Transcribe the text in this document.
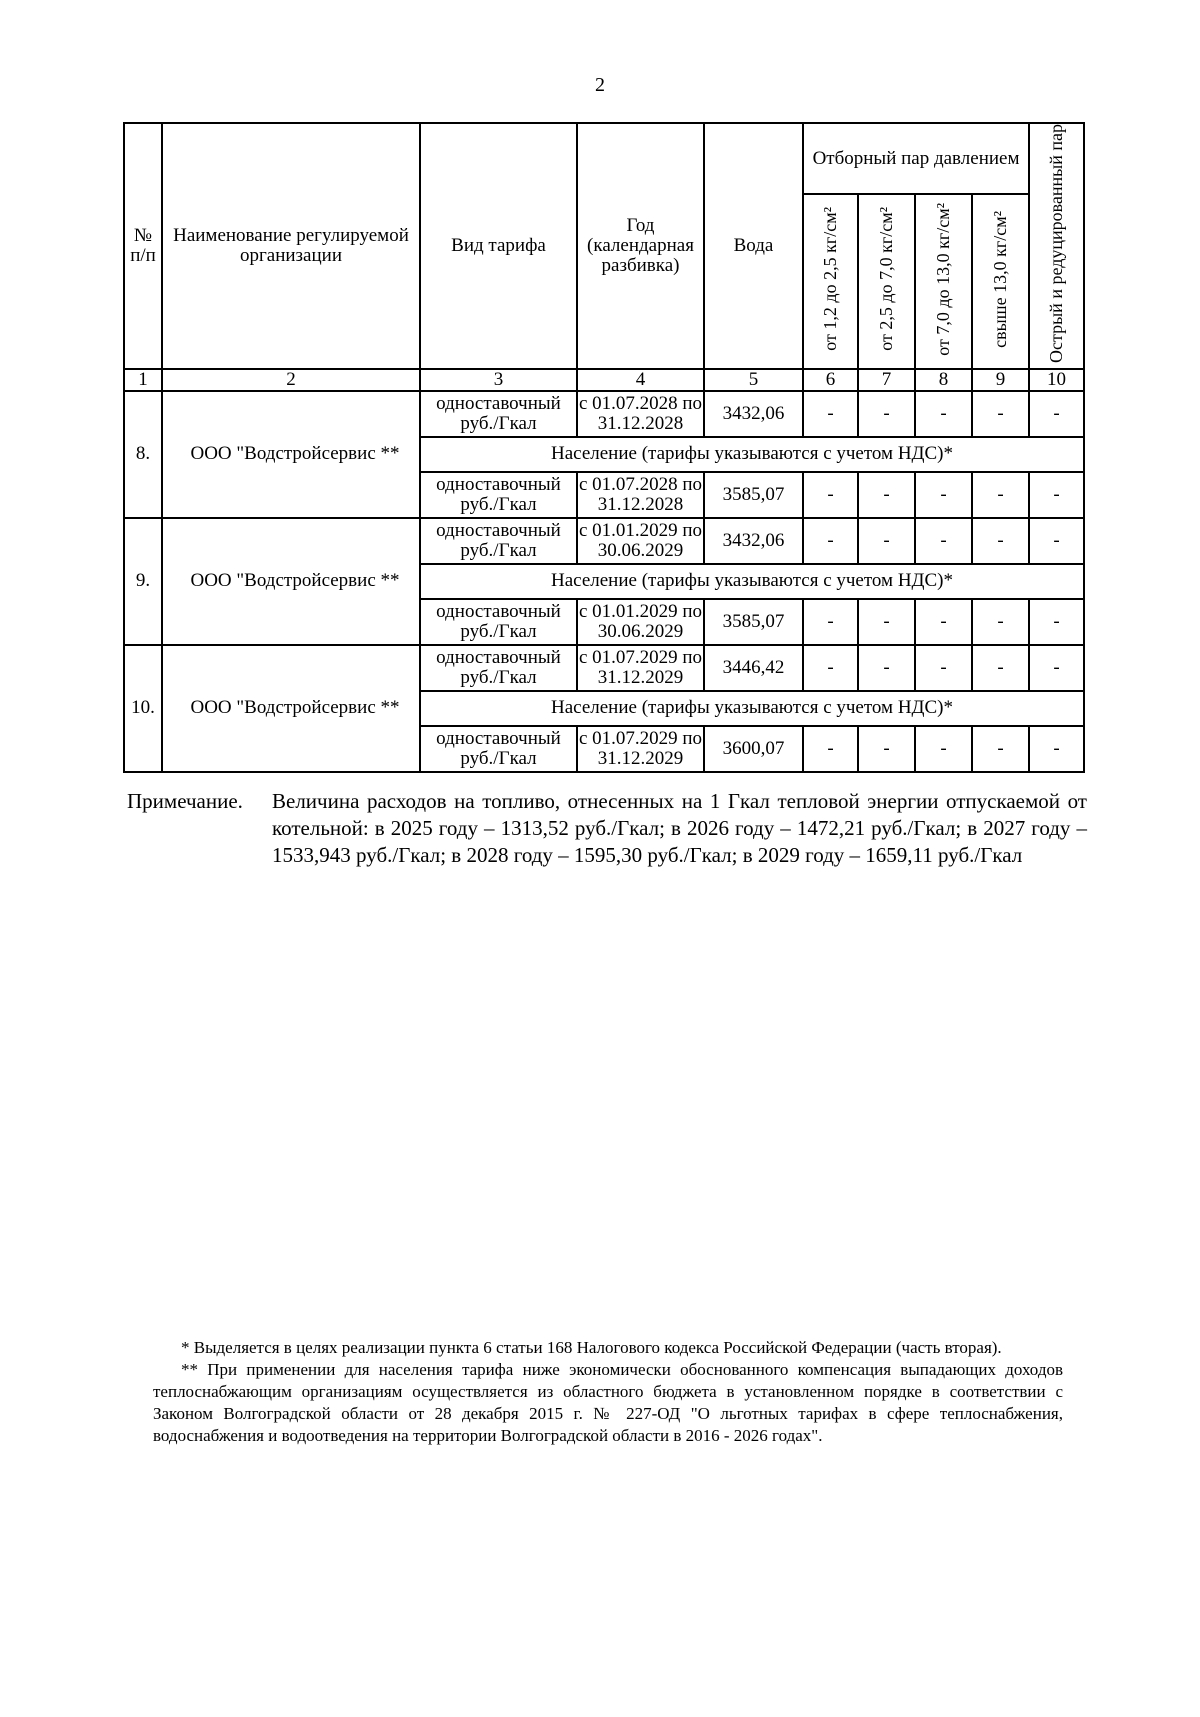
2
№ п/п	Наименование регулируемой организации	Вид тарифа	Год (календарная разбивка)	Вода	Отборный пар давлением				Острый и редуцированный пар
					от 1,2 до 2,5 кг/см²	от 2,5 до 7,0 кг/см²	от 7,0 до 13,0 кг/см²	свыше 13,0 кг/см²	
1	2	3	4	5	6	7	8	9	10
8.	ООО "Водстройсервис **	одноставочный руб./Гкал	с 01.07.2028 по 31.12.2028	3432,06	-	-	-	-	-
		Население (тарифы указываются с учетом НДС)*							
		одноставочный руб./Гкал	с 01.07.2028 по 31.12.2028	3585,07	-	-	-	-	-
9.	ООО "Водстройсервис **	одноставочный руб./Гкал	с 01.01.2029 по 30.06.2029	3432,06	-	-	-	-	-
		Население (тарифы указываются с учетом НДС)*							
		одноставочный руб./Гкал	с 01.01.2029 по 30.06.2029	3585,07	-	-	-	-	-
10.	ООО "Водстройсервис **	одноставочный руб./Гкал	с 01.07.2029 по 31.12.2029	3446,42	-	-	-	-	-
		Население (тарифы указываются с учетом НДС)*							
		одноставочный руб./Гкал	с 01.07.2029 по 31.12.2029	3600,07	-	-	-	-	-
Примечание. Величина расходов на топливо, отнесенных на 1 Гкал тепловой энергии отпускаемой от котельной: в 2025 году – 1313,52 руб./Гкал; в 2026 году – 1472,21 руб./Гкал; в 2027 году – 1533,943 руб./Гкал; в 2028 году – 1595,30 руб./Гкал; в 2029 году – 1659,11 руб./Гкал

* Выделяется в целях реализации пункта 6 статьи 168 Налогового кодекса Российской Федерации (часть вторая).

** При применении для населения тарифа ниже экономически обоснованного компенсация выпадающих доходов теплоснабжающим организациям осуществляется из областного бюджета в установленном порядке в соответствии с Законом Волгоградской области от 28 декабря 2015 г. № 227-ОД "О льготных тарифах в сфере теплоснабжения, водоснабжения и водоотведения на территории Волгоградской области в 2016 - 2026 годах".
